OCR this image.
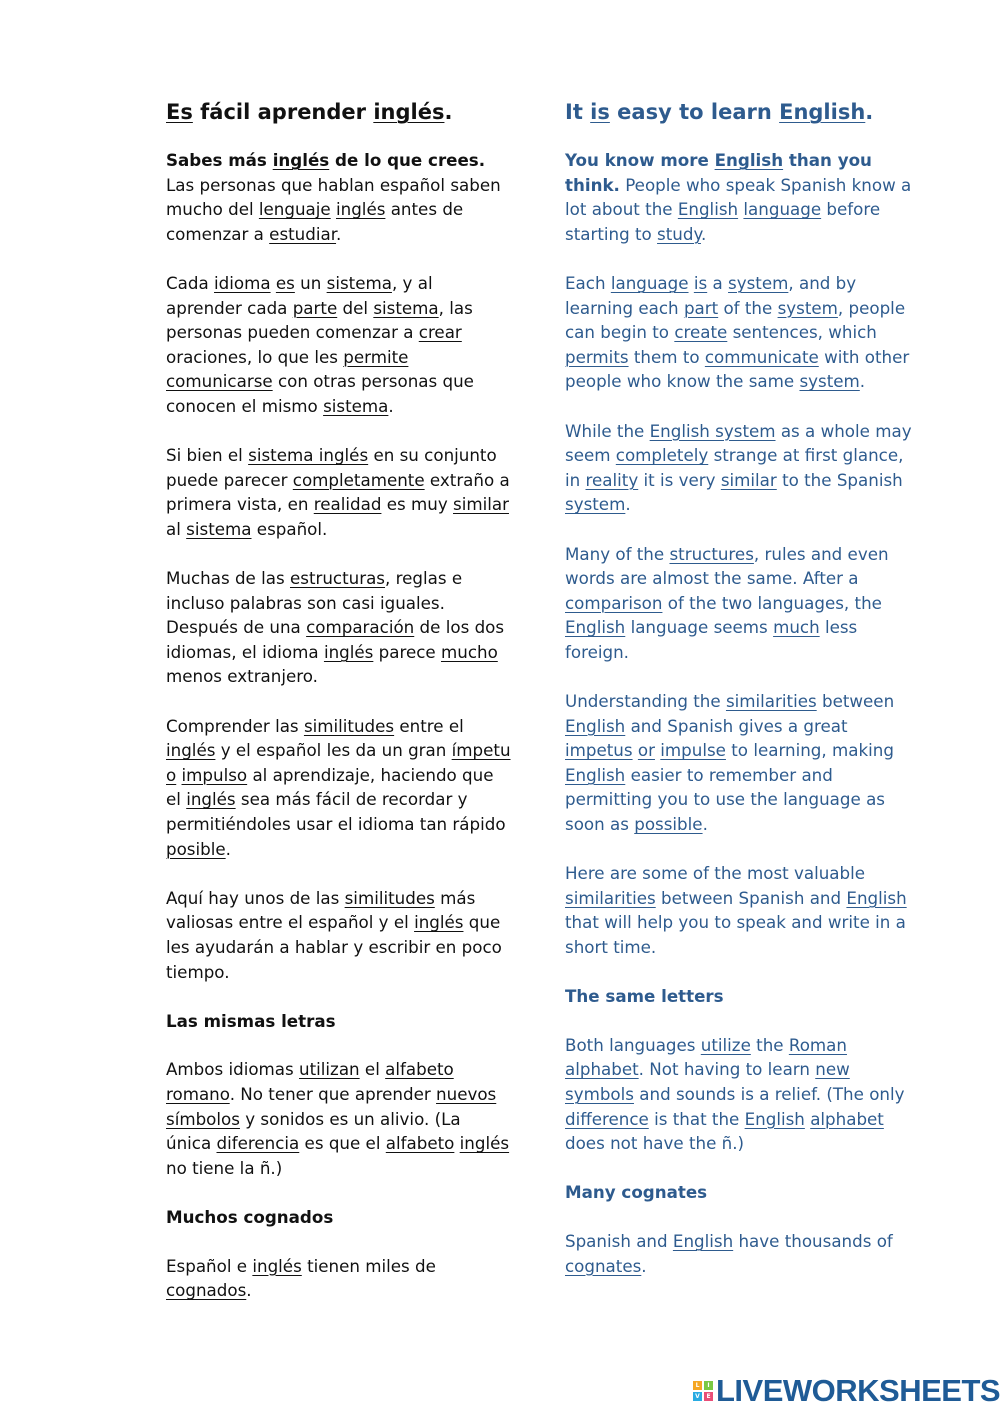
Es fácil aprender inglés.
Sabes más inglés de lo que crees. Las personas que hablan español saben mucho del lenguaje inglés antes de comenzar a estudiar.
Cada idioma es un sistema, y al aprender cada parte del sistema, las personas pueden comenzar a crear oraciones, lo que les permite comunicarse con otras personas que conocen el mismo sistema.
Si bien el sistema inglés en su conjunto puede parecer completamente extraño a primera vista, en realidad es muy similar al sistema español.
Muchas de las estructuras, reglas e incluso palabras son casi iguales. Después de una comparación de los dos idiomas, el idioma inglés parece mucho menos extranjero.
Comprender las similitudes entre el inglés y el español les da un gran ímpetu o impulso al aprendizaje, haciendo que el inglés sea más fácil de recordar y permitiéndoles usar el idioma tan rápido posible.
Aquí hay unos de las similitudes más valiosas entre el español y el inglés que les ayudarán a hablar y escribir en poco tiempo.
Las mismas letras
Ambos idiomas utilizan el alfabeto romano. No tener que aprender nuevos símbolos y sonidos es un alivio. (La única diferencia es que el alfabeto inglés no tiene la ñ.)
Muchos cognados
Español e inglés tienen miles de cognados.
It is easy to learn English.
You know more English than you think. People who speak Spanish know a lot about the English language before starting to study.
Each language is a system, and by learning each part of the system, people can begin to create sentences, which permits them to communicate with other people who know the same system.
While the English system as a whole may seem completely strange at first glance, in reality it is very similar to the Spanish system.
Many of the structures, rules and even words are almost the same. After a comparison of the two languages, the English language seems much less foreign.
Understanding the similarities between English and Spanish gives a great impetus or impulse to learning, making English easier to remember and permitting you to use the language as soon as possible.
Here are some of the most valuable similarities between Spanish and English that will help you to speak and write in a short time.
The same letters
Both languages utilize the Roman alphabet. Not having to learn new symbols and sounds is a relief. (The only difference is that the English alphabet does not have the ñ.)
Many cognates
Spanish and English have thousands of cognates.
L	I
V	E LIVEWORKSHEETS
